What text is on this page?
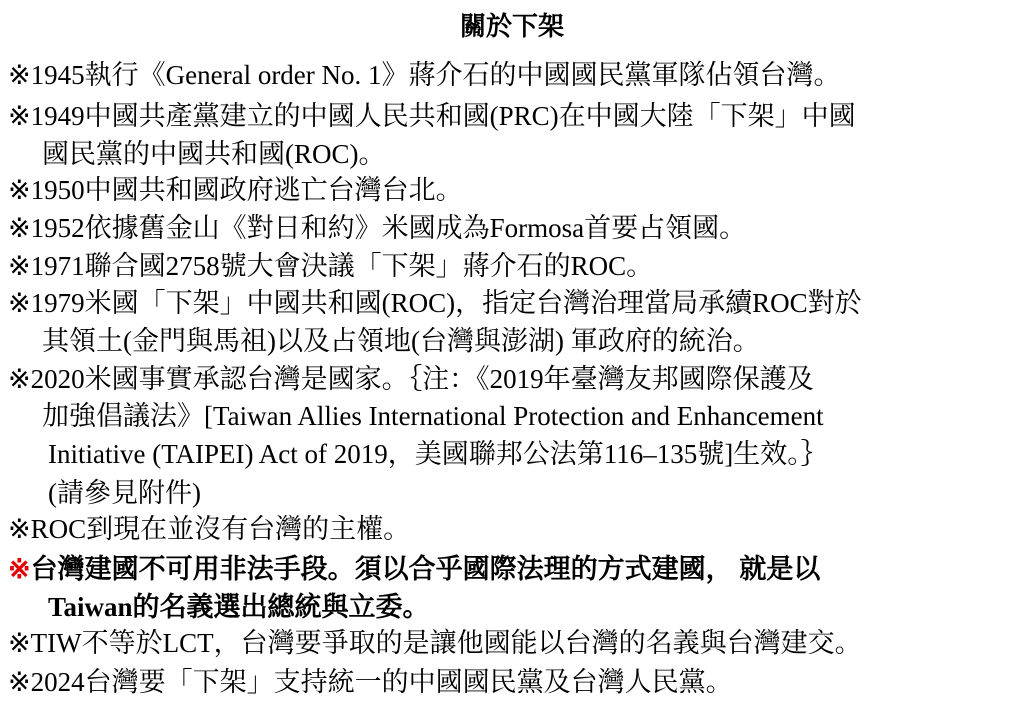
關於下架
※1945執行《General order No. 1》蔣介石的中國國民黨軍隊佔領台灣。
※1949中國共產黨建立的中國人民共和國(PRC)在中國大陸「下架」中國
國民黨的中國共和國(ROC)。
※1950中國共和國政府逃亡台灣台北。
※1952依據舊金山《對日和約》米國成為Formosa首要占領國。
※1971聯合國2758號大會決議「下架」蔣介石的ROC。
※1979米國「下架」中國共和國(ROC)，指定台灣治理當局承續ROC對於
其領土(金門與馬祖)以及占領地(台灣與澎湖) 軍政府的統治。
※2020米國事實承認台灣是國家。｛注：《2019年臺灣友邦國際保護及
加強倡議法》[Taiwan Allies International Protection and Enhancement
Initiative (TAIPEI) Act of 2019，美國聯邦公法第116–135號]生效。｝
(請參見附件)
※ROC到現在並沒有台灣的主權。
※台灣建國不可用非法手段。須以合乎國際法理的方式建國， 就是以
Taiwan的名義選出總統與立委。
※TIW不等於LCT，台灣要爭取的是讓他國能以台灣的名義與台灣建交。
※2024台灣要「下架」支持統一的中國國民黨及台灣人民黨。
